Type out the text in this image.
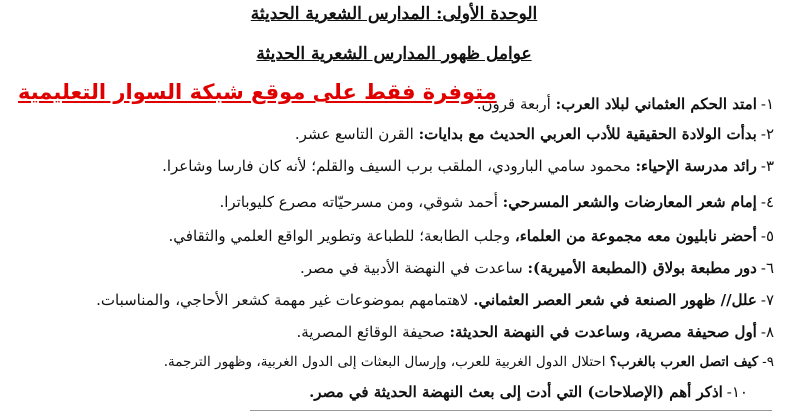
الوحدة الأولى: المدارس الشعرية الحديثة
عوامل ظهور المدارس الشعرية الحديثة
متوفرة فقط على موقع شبكة السوار التعليمية	١-امتد الحكم العثماني لبلاد العرب: أربعة قرون.
٢-بدأت الولادة الحقيقية للأدب العربي الحديث مع بدايات: القرن التاسع عشر.
٣-رائد مدرسة الإحياء: محمود سامي البارودي، الملقب برب السيف والقلم؛ لأنه كان فارسا وشاعرا.
٤-إمام شعر المعارضات والشعر المسرحي: أحمد شوقي، ومن مسرحيّاته مصرع كليوباترا.
٥-أحضر نابليون معه مجموعة من العلماء، وجلب الطابعة؛ للطباعة وتطوير الواقع العلمي والثقافي.
٦-دور مطبعة بولاق (المطبعة الأميرية): ساعدت في النهضة الأدبية في مصر.
٧-علل// ظهور الصنعة في شعر العصر العثماني. لاهتمامهم بموضوعات غير مهمة كشعر الأحاجي، والمناسبات.
٨-أول صحيفة مصرية، وساعدت في النهضة الحديثة: صحيفة الوقائع المصرية.
٩-كيف اتصل العرب بالغرب؟ احتلال الدول الغربية للعرب، وإرسال البعثات إلى الدول الغربية، وظهور الترجمة.
١٠-اذكر أهم (الإصلاحات) التي أدت إلى بعث النهضة الحديثة في مصر.
